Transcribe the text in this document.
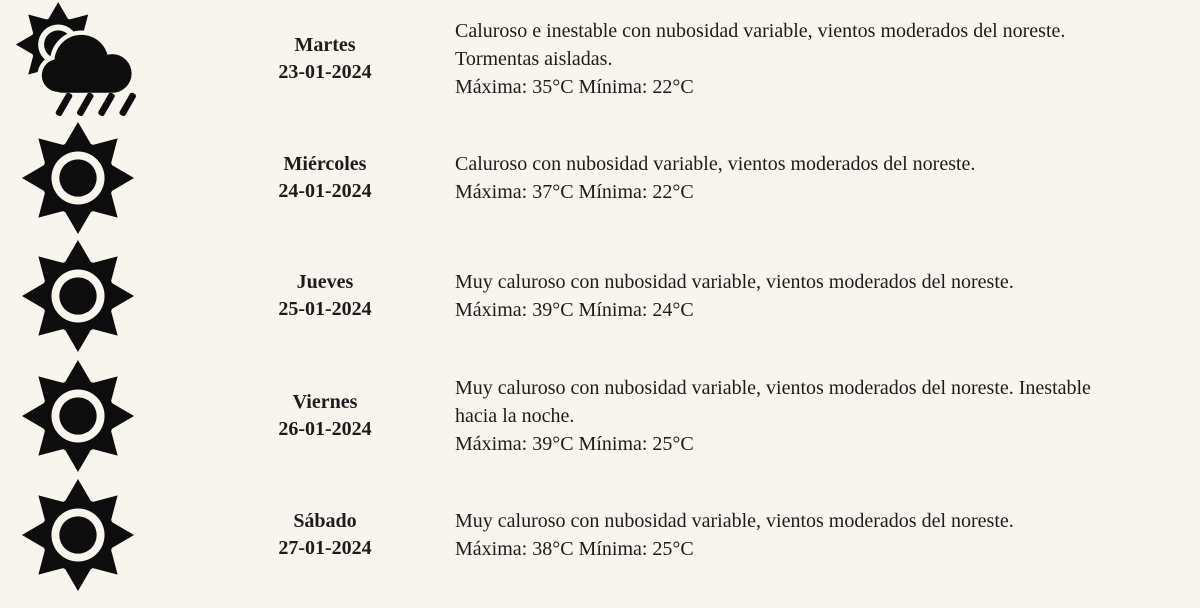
Martes
23-01-2024
Caluroso e inestable con nubosidad variable, vientos moderados del noreste.
Tormentas aisladas.
Máxima: 35°C Mínima: 22°C
Miércoles
24-01-2024
Caluroso con nubosidad variable, vientos moderados del noreste.
Máxima: 37°C Mínima: 22°C
Jueves
25-01-2024
Muy caluroso con nubosidad variable, vientos moderados del noreste.
Máxima: 39°C Mínima: 24°C
Viernes
26-01-2024
Muy caluroso con nubosidad variable, vientos moderados del noreste. Inestable
hacia la noche.
Máxima: 39°C Mínima: 25°C
Sábado
27-01-2024
Muy caluroso con nubosidad variable, vientos moderados del noreste.
Máxima: 38°C Mínima: 25°C
